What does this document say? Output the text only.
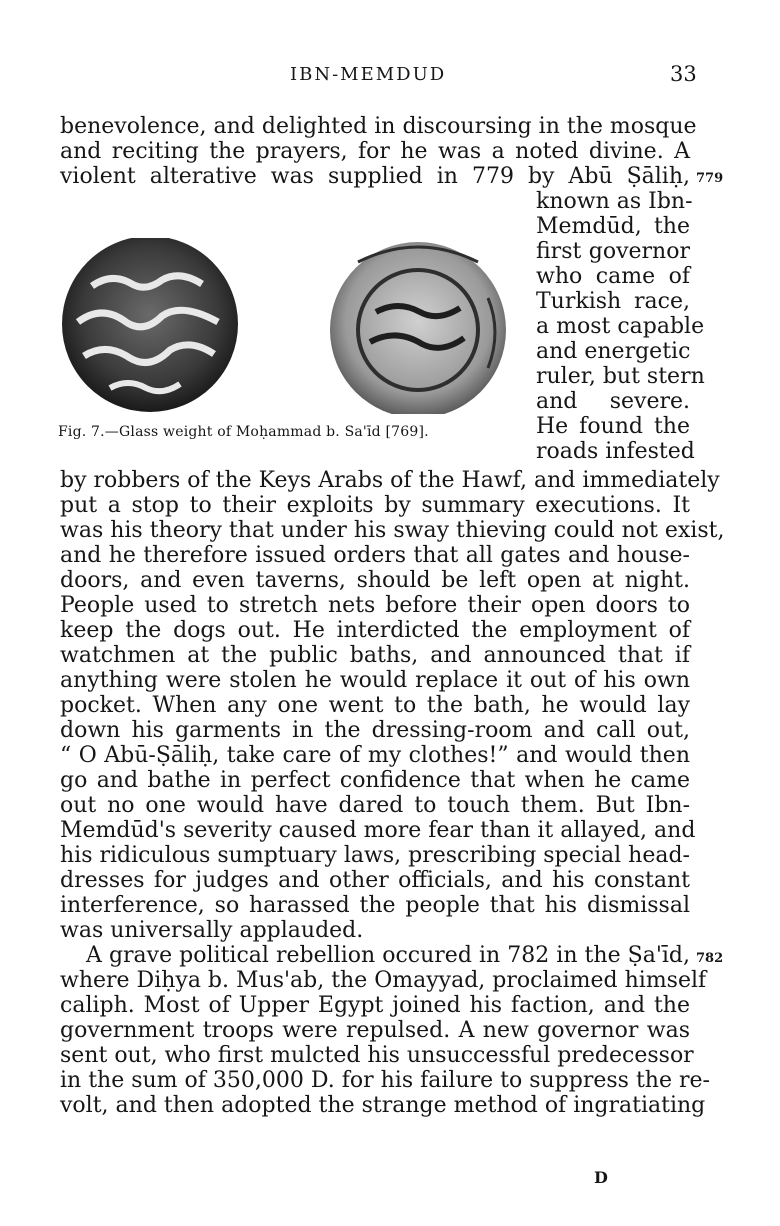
IBN-MEMDUD	33
benevolence, and delighted in discoursing in the mosque
and reciting the prayers, for he was a noted divine. A
violent alterative was supplied in 779 by Abū Ṣāliḥ, 779
known as Ibn-
Memdūd, the
first governor
who came of
Turkish race,
a most capable
and energetic
ruler, but stern
and severe.
He found the
roads infested
Fig. 7.—Glass weight of Moḥammad b. Sa'īd [769].
by robbers of the Keys Arabs of the Hawf, and immediately
put a stop to their exploits by summary executions. It
was his theory that under his sway thieving could not exist,
and he therefore issued orders that all gates and house-
doors, and even taverns, should be left open at night.
People used to stretch nets before their open doors to
keep the dogs out. He interdicted the employment of
watchmen at the public baths, and announced that if
anything were stolen he would replace it out of his own
pocket. When any one went to the bath, he would lay
down his garments in the dressing-room and call out,
“ O Abū-Ṣāliḥ, take care of my clothes!” and would then
go and bathe in perfect confidence that when he came
out no one would have dared to touch them. But Ibn-
Memdūd's severity caused more fear than it allayed, and
his ridiculous sumptuary laws, prescribing special head-
dresses for judges and other officials, and his constant
interference, so harassed the people that his dismissal
was universally applauded.
A grave political rebellion occured in 782 in the Ṣa'īd, 782
where Diḥya b. Mus'ab, the Omayyad, proclaimed himself
caliph. Most of Upper Egypt joined his faction, and the
government troops were repulsed. A new governor was
sent out, who first mulcted his unsuccessful predecessor
in the sum of 350,000 D. for his failure to suppress the re-
volt, and then adopted the strange method of ingratiating
D
